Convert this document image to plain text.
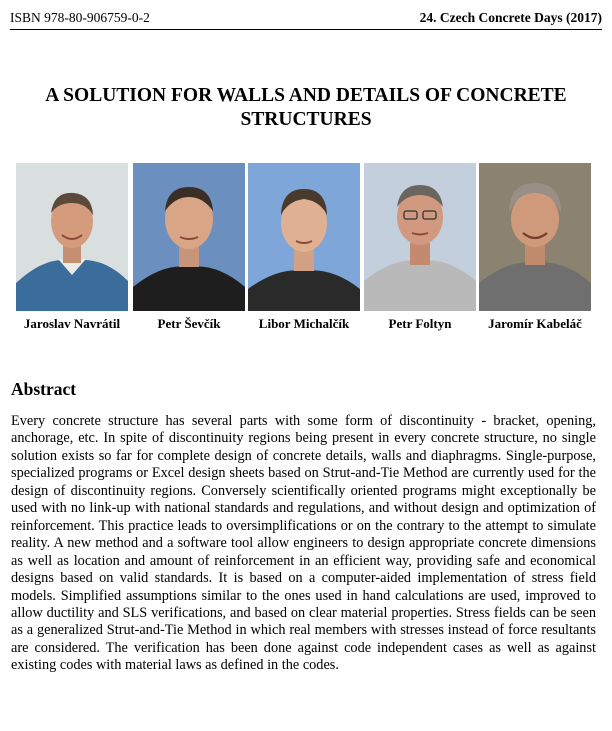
ISBN 978-80-906759-0-2	24. Czech Concrete Days (2017)
A SOLUTION FOR WALLS AND DETAILS OF CONCRETE STRUCTURES
Jaroslav Navrátil	Petr Ševčík	Libor Michalčík	Petr Foltyn	Jaromír Kabeláč
Abstract

Every concrete structure has several parts with some form of discontinuity - bracket, opening, anchorage, etc. In spite of discontinuity regions being present in every concrete structure, no single solution exists so far for complete design of concrete details, walls and diaphragms. Single-purpose, specialized programs or Excel design sheets based on Strut-and-Tie Method are currently used for the design of discontinuity regions. Conversely scientifically oriented programs might exceptionally be used with no link-up with national standards and regulations, and without design and optimization of reinforcement. This practice leads to oversimplifications or on the contrary to the attempt to simulate reality. A new method and a software tool allow engineers to design appropriate concrete dimensions as well as location and amount of reinforcement in an efficient way, providing safe and economical designs based on valid standards. It is based on a computer-aided implementation of stress field models. Simplified assumptions similar to the ones used in hand calculations are used, improved to allow ductility and SLS verifications, and based on clear material properties. Stress fields can be seen as a generalized Strut-and-Tie Method in which real members with stresses instead of force resultants are considered. The verification has been done against code independent cases as well as against existing codes with material laws as defined in the codes.
